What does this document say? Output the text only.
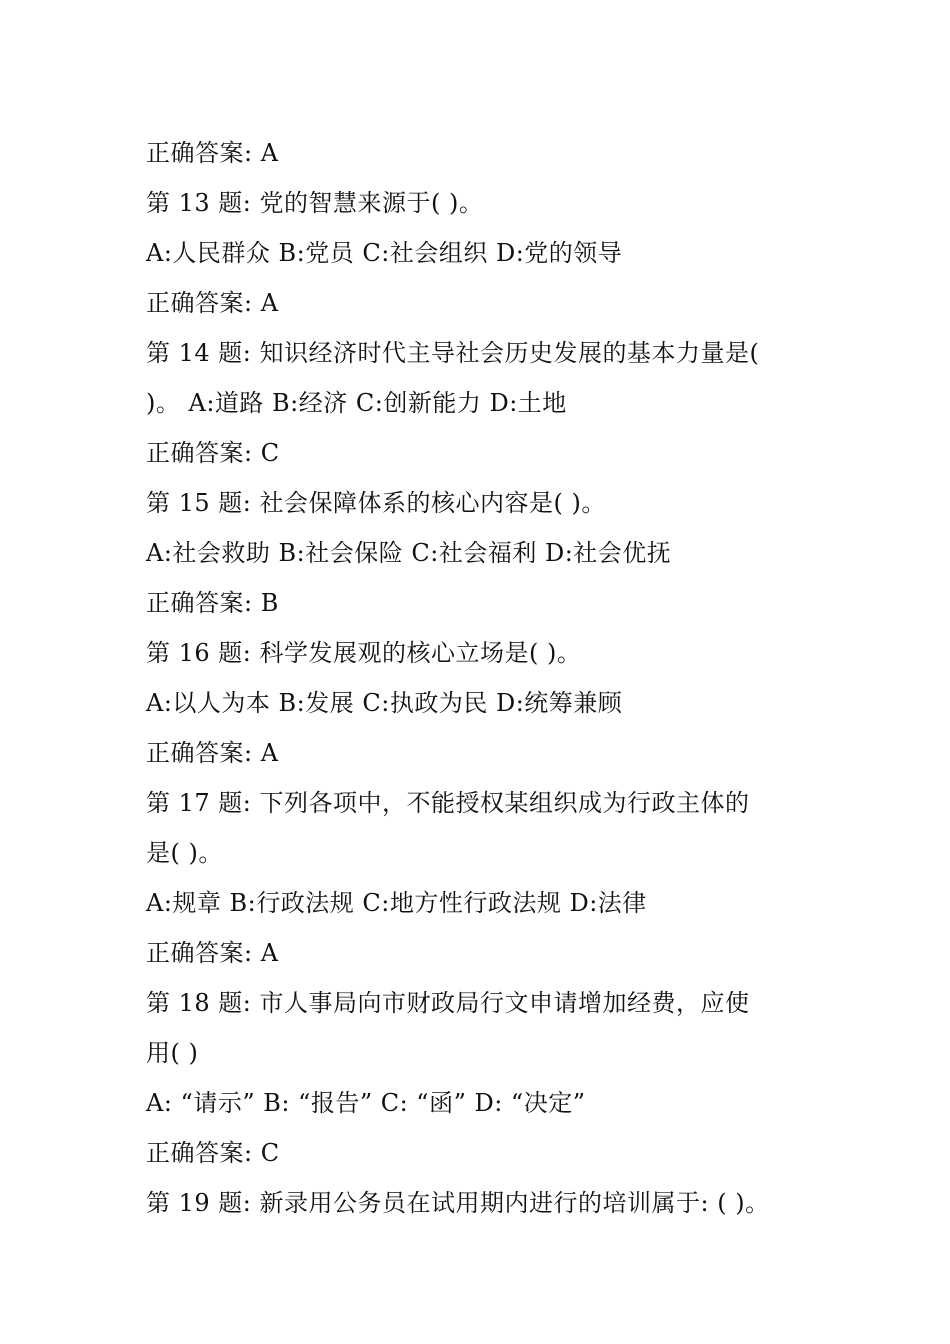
正确答案: A
第 13 题: 党的智慧来源于( )。
A:人民群众 B:党员 C:社会组织 D:党的领导
正确答案: A
第 14 题: 知识经济时代主导社会历史发展的基本力量是(
)。 A:道路 B:经济 C:创新能力 D:土地
正确答案: C
第 15 题: 社会保障体系的核心内容是( )。
A:社会救助 B:社会保险 C:社会福利 D:社会优抚
正确答案: B
第 16 题: 科学发展观的核心立场是( )。
A:以人为本 B:发展 C:执政为民 D:统筹兼顾
正确答案: A
第 17 题: 下列各项中，不能授权某组织成为行政主体的
是( )。
A:规章 B:行政法规 C:地方性行政法规 D:法律
正确答案: A
第 18 题: 市人事局向市财政局行文申请增加经费，应使
用( )
A: “请示” B: “报告” C: “函” D: “决定”
正确答案: C
第 19 题: 新录用公务员在试用期内进行的培训属于: ( )。
